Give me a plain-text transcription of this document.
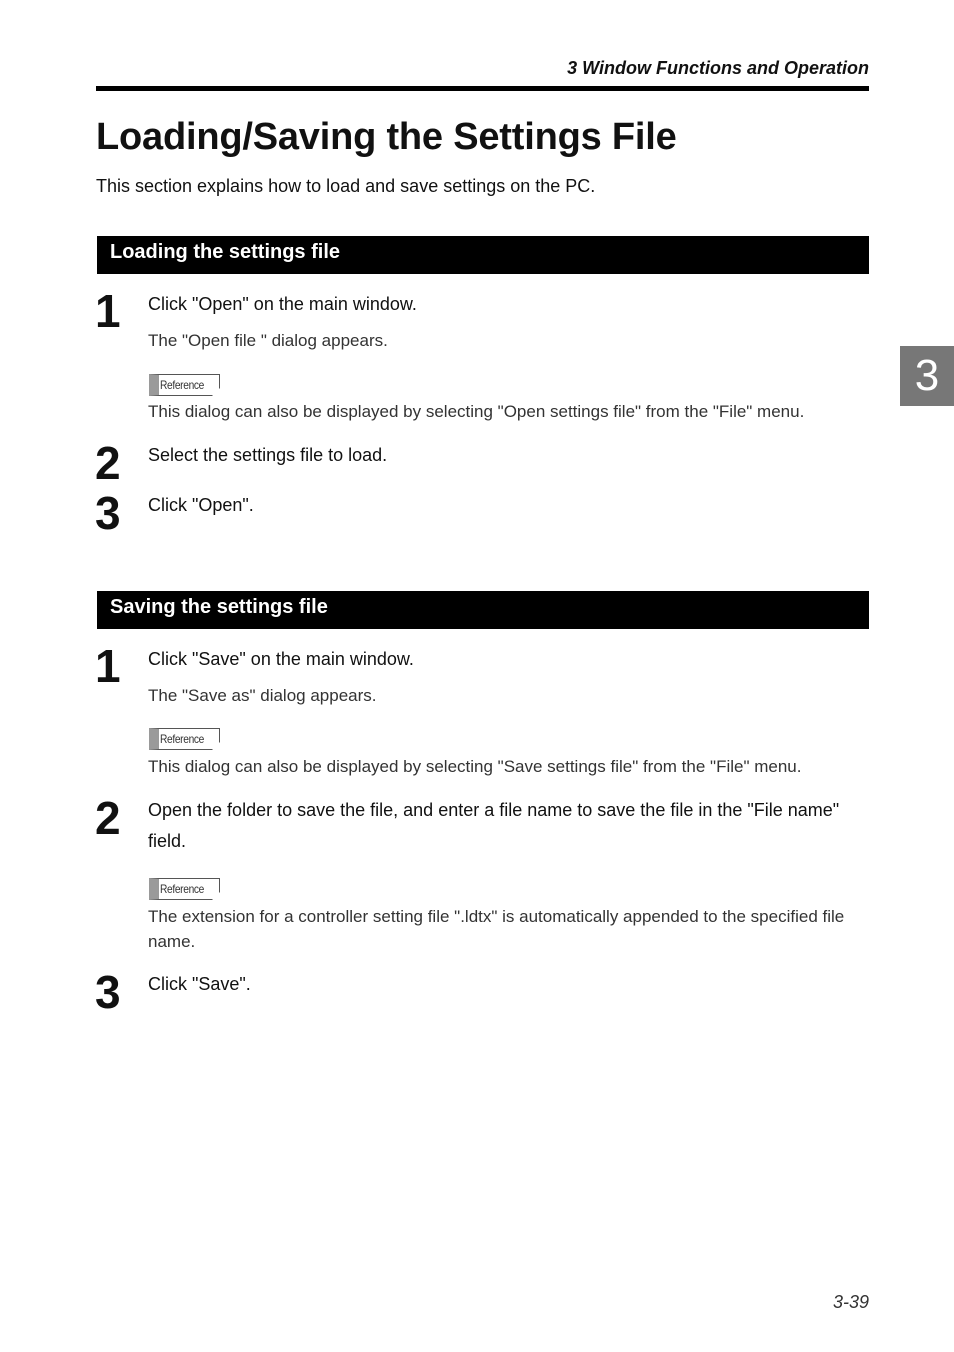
3 Window Functions and Operation
Loading/Saving the Settings File
This section explains how to load and save settings on the PC.
3
Loading the settings file
1 Click "Open" on the main window.
The "Open file " dialog appears.
Reference
This dialog can also be displayed by selecting "Open settings file" from the "File" menu.
2 Select the settings file to load.
3 Click "Open".
Saving the settings file
1 Click "Save" on the main window.
The "Save as" dialog appears.
Reference
This dialog can also be displayed by selecting "Save settings file" from the "File" menu.
2 Open the folder to save the file, and enter a file name to save the file in the "File name" field.
Reference
The extension for a controller setting file ".ldtx" is automatically appended to the specified file name.
3 Click "Save".
3-39
